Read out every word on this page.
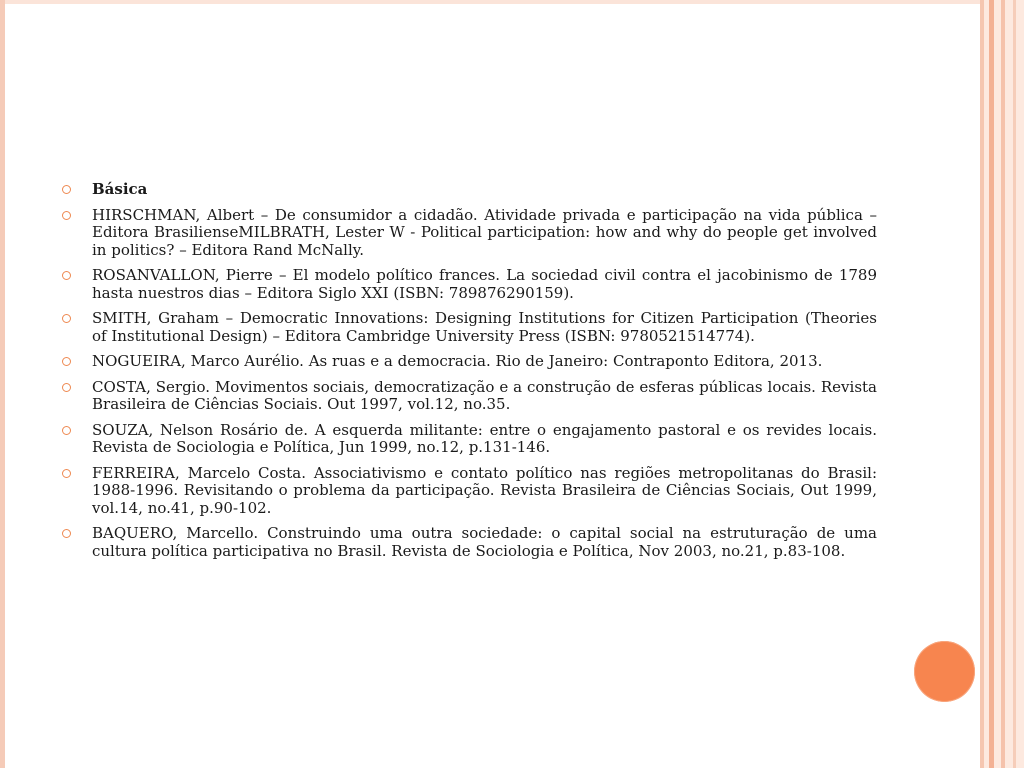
Básica
HIRSCHMAN, Albert – De consumidor a cidadão. Atividade privada e participação na vida pública – Editora BrasilienseMILBRATH, Lester W - Political participation: how and why do people get involved in politics? – Editora Rand McNally.
ROSANVALLON, Pierre – El modelo político frances. La sociedad civil contra el jacobinismo de 1789 hasta nuestros dias – Editora Siglo XXI (ISBN: 789876290159).
SMITH, Graham – Democratic Innovations: Designing Institutions for Citizen Participation (Theories of Institutional Design) – Editora Cambridge University Press (ISBN: 9780521514774).
NOGUEIRA, Marco Aurélio. As ruas e a democracia. Rio de Janeiro: Contraponto Editora, 2013.
COSTA, Sergio. Movimentos sociais, democratização e a construção de esferas públicas locais. Revista Brasileira de Ciências Sociais. Out 1997, vol.12, no.35.
SOUZA, Nelson Rosário de. A esquerda militante: entre o engajamento pastoral e os revides locais. Revista de Sociologia e Política, Jun 1999, no.12, p.131-146.
FERREIRA, Marcelo Costa. Associativismo e contato político nas regiões metropolitanas do Brasil: 1988-1996. Revisitando o problema da participação. Revista Brasileira de Ciências Sociais, Out 1999, vol.14, no.41, p.90-102.
BAQUERO, Marcello. Construindo uma outra sociedade: o capital social na estruturação de uma cultura política participativa no Brasil. Revista de Sociologia e Política, Nov 2003, no.21, p.83-108.
